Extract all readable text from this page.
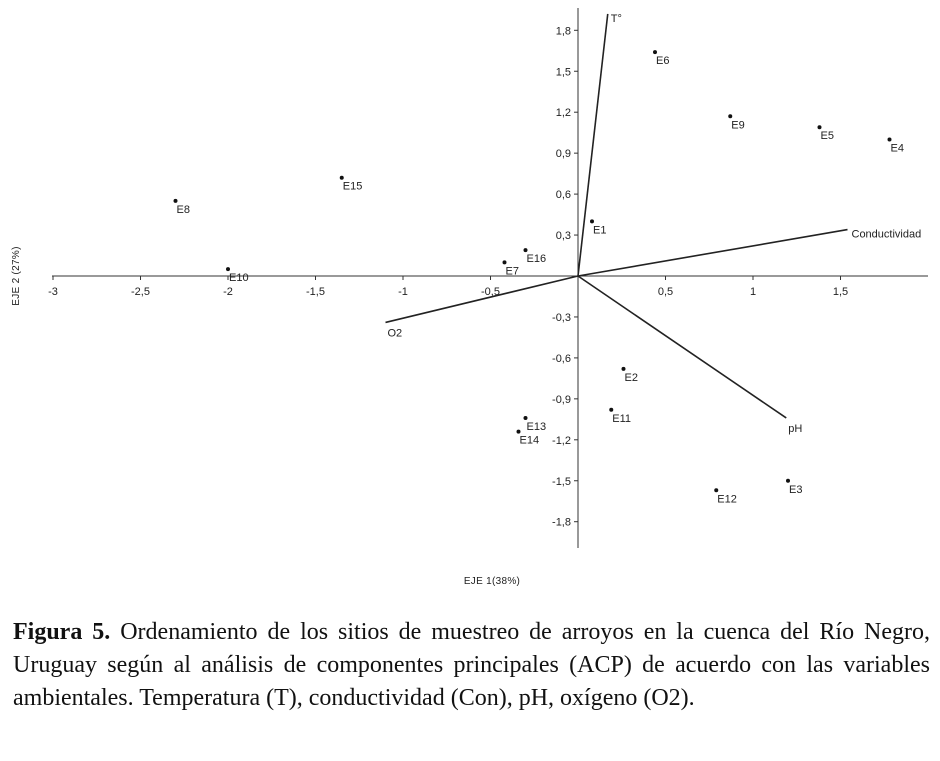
-3	-2,5	-2	-1,5	-1	-0,5	0,5	1	1,5
1,8
1,5
1,2
0,9
0,6
0,3
-0,3
-0,6
-0,9
-1,2
-1,5
-1,8
T°
Conductividad
pH
O2
E1
E2
E3
E4
E5
E6
E7
E8
E9
E10
E11
E12
E13
E14
E15
E16
EJE 1(38%)
EJE 2 (27%)

Figura 5. Ordenamiento de los sitios de muestreo de arroyos en la cuenca del Río Negro, Uruguay según al análisis de componentes principales (ACP) de acuerdo con las variables ambientales. Temperatura (T), conductividad (Con), pH, oxígeno (O2).
